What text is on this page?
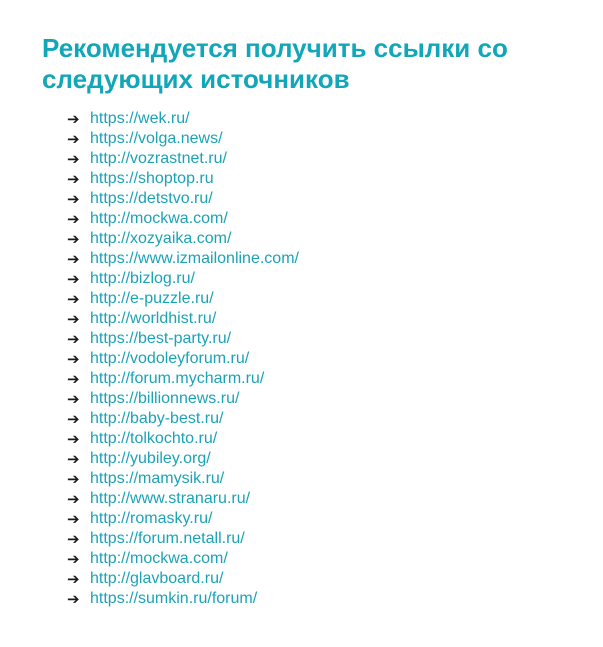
Рекомендуется получить ссылки со следующих источников
➔ https://wek.ru/
➔ https://volga.news/
➔ http://vozrastnet.ru/
➔ https://shoptop.ru
➔ https://detstvo.ru/
➔ http://mockwa.com/
➔ http://xozyaika.com/
➔ https://www.izmailonline.com/
➔ http://bizlog.ru/
➔ http://e-puzzle.ru/
➔ http://worldhist.ru/
➔ https://best-party.ru/
➔ http://vodoleyforum.ru/
➔ http://forum.mycharm.ru/
➔ https://billionnews.ru/
➔ http://baby-best.ru/
➔ http://tolkochto.ru/
➔ http://yubiley.org/
➔ https://mamysik.ru/
➔ http://www.stranaru.ru/
➔ http://romasky.ru/
➔ https://forum.netall.ru/
➔ http://mockwa.com/
➔ http://glavboard.ru/
➔ https://sumkin.ru/forum/
